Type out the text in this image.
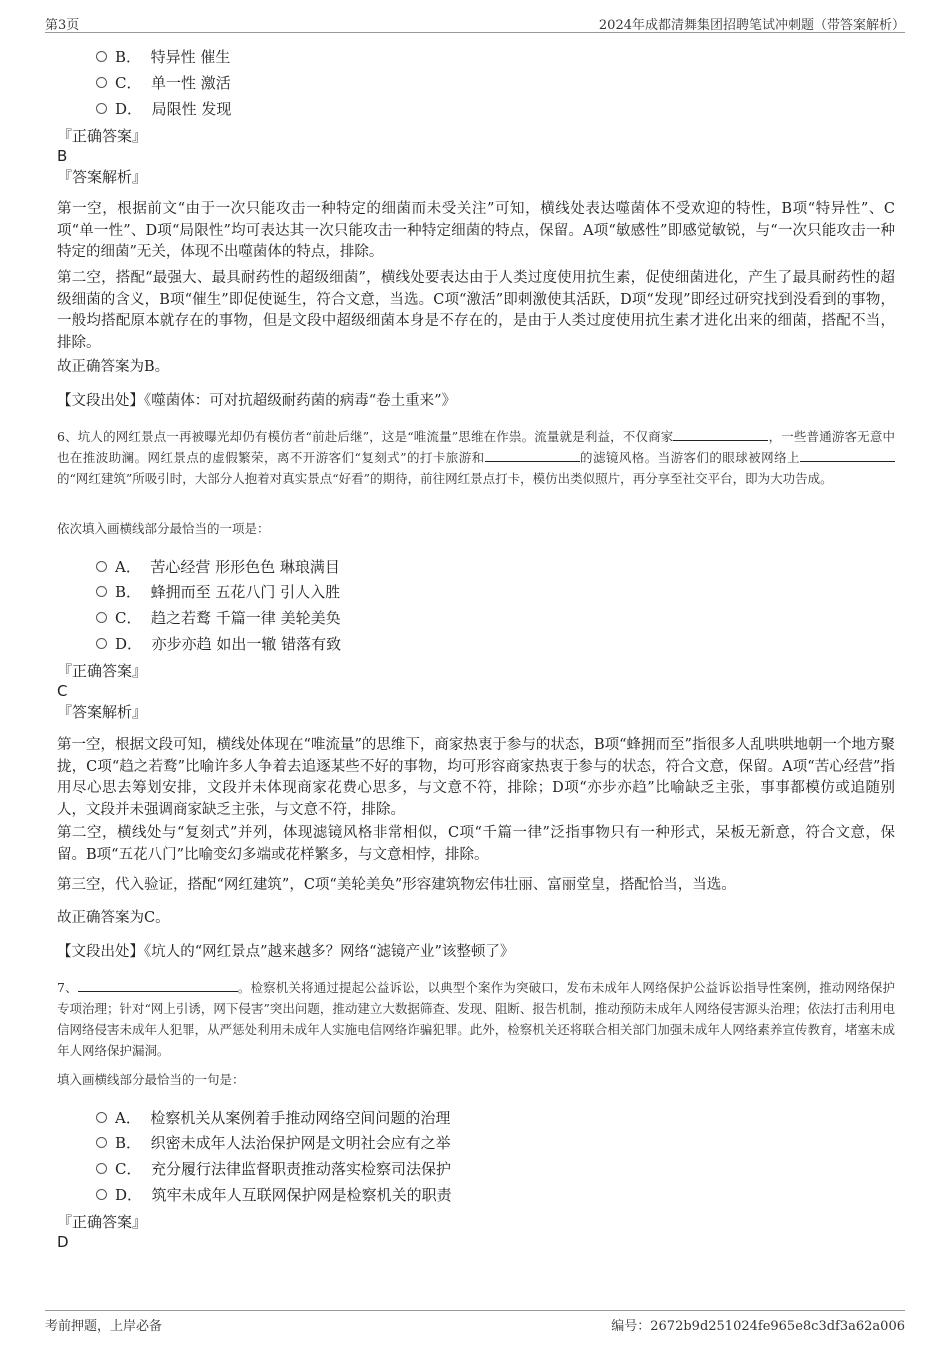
第3页	2024年成都清舞集团招聘笔试冲刺题（带答案解析）
B． 特异性 催生
C． 单一性 激活
D． 局限性 发现
『正确答案』
B
『答案解析』
第一空，根据前文“由于一次只能攻击一种特定的细菌而未受关注”可知，横线处表达噬菌体不受欢迎的特性，B项“特异性”、C项“单一性”、D项“局限性”均可表达其一次只能攻击一种特定细菌的特点，保留。A项“敏感性”即感觉敏锐，与“一次只能攻击一种特定的细菌”无关，体现不出噬菌体的特点，排除。
第二空，搭配“最强大、最具耐药性的超级细菌”，横线处要表达由于人类过度使用抗生素，促使细菌进化，产生了最具耐药性的超级细菌的含义，B项“催生”即促使诞生，符合文意，当选。C项“激活”即刺激使其活跃，D项“发现”即经过研究找到没看到的事物，一般均搭配原本就存在的事物，但是文段中超级细菌本身是不存在的，是由于人类过度使用抗生素才进化出来的细菌，搭配不当，排除。
故正确答案为B。
【文段出处】《噬菌体：可对抗超级耐药菌的病毒“卷土重来”》
6、坑人的网红景点一再被曝光却仍有模仿者“前赴后继”，这是“唯流量”思维在作祟。流量就是利益，不仅商家	，一些普通游客无意中也在推波助澜。网红景点的虚假繁荣，离不开游客们“复刻式”的打卡旅游和	的滤镜风格。当游客们的眼球被网络上的“网红建筑”所吸引时，大部分人抱着对真实景点“好看”的期待，前往网红景点打卡，模仿出类似照片，再分享至社交平台，即为大功告成。
依次填入画横线部分最恰当的一项是：
A． 苦心经营 形形色色 琳琅满目
B． 蜂拥而至 五花八门 引人入胜
C． 趋之若鹜 千篇一律 美轮美奂
D． 亦步亦趋 如出一辙 错落有致
『正确答案』
C
『答案解析』
第一空，根据文段可知，横线处体现在“唯流量”的思维下，商家热衷于参与的状态，B项“蜂拥而至”指很多人乱哄哄地朝一个地方聚拢，C项“趋之若鹜”比喻许多人争着去追逐某些不好的事物，均可形容商家热衷于参与的状态，符合文意，保留。A项“苦心经营”指用尽心思去筹划安排，文段并未体现商家花费心思多，与文意不符，排除；D项“亦步亦趋”比喻缺乏主张，事事都模仿或追随别人，文段并未强调商家缺乏主张，与文意不符，排除。
第二空，横线处与“复刻式”并列，体现滤镜风格非常相似，C项“千篇一律”泛指事物只有一种形式，呆板无新意，符合文意，保留。B项“五花八门”比喻变幻多端或花样繁多，与文意相悖，排除。
第三空，代入验证，搭配“网红建筑”，C项“美轮美奂”形容建筑物宏伟壮丽、富丽堂皇，搭配恰当，当选。
故正确答案为C。
【文段出处】《坑人的“网红景点”越来越多？网络“滤镜产业”该整顿了》
7、	。检察机关将通过提起公益诉讼，以典型个案作为突破口，发布未成年人网络保护公益诉讼指导性案例，推动网络保护专项治理；针对“网上引诱，网下侵害”突出问题，推动建立大数据筛查、发现、阻断、报告机制，推动预防未成年人网络侵害源头治理；依法打击利用电信网络侵害未成年人犯罪，从严惩处利用未成年人实施电信网络诈骗犯罪。此外，检察机关还将联合相关部门加强未成年人网络素养宣传教育，堵塞未成年人网络保护漏洞。
填入画横线部分最恰当的一句是：
A． 检察机关从案例着手推动网络空间问题的治理
B． 织密未成年人法治保护网是文明社会应有之举
C． 充分履行法律监督职责推动落实检察司法保护
D． 筑牢未成年人互联网保护网是检察机关的职责
『正确答案』
D
考前押题，上岸必备	编号：2672b9d251024fe965e8c3df3a62a006
